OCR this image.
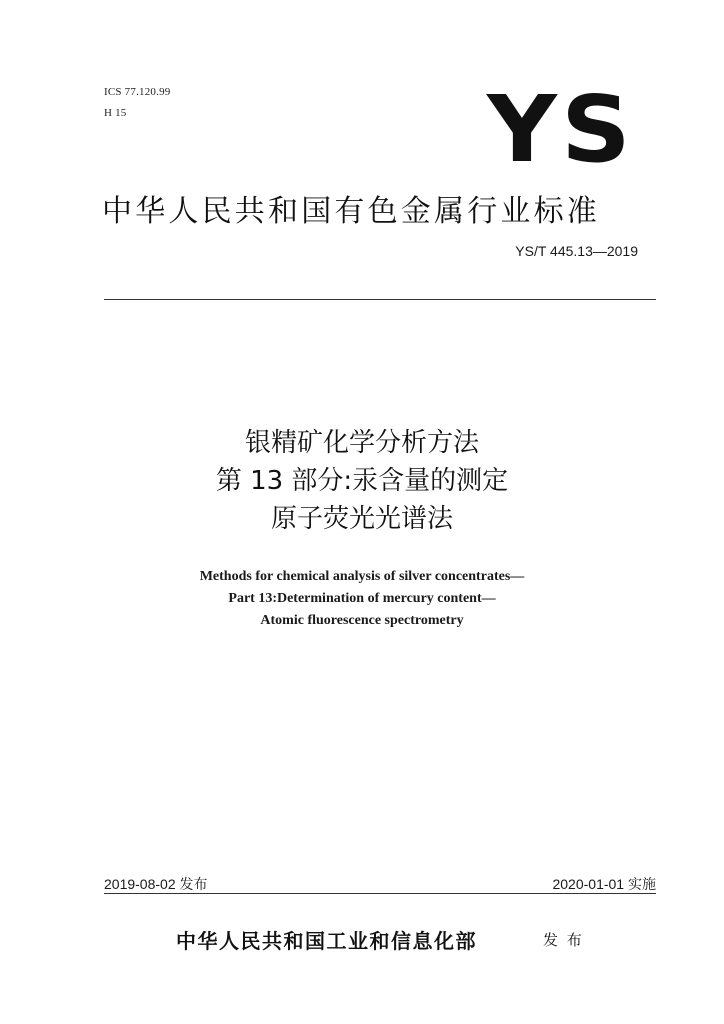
ICS 77.120.99
H 15	YS
中华人民共和国有色金属行业标准
YS/T 445.13—2019
银精矿化学分析方法
第 13 部分:汞含量的测定
原子荧光光谱法
Methods for chemical analysis of silver concentrates—
Part 13:Determination of mercury content—
Atomic fluorescence spectrometry
2019-08-02 发布	2020-01-01 实施
中华人民共和国工业和信息化部	发 布
